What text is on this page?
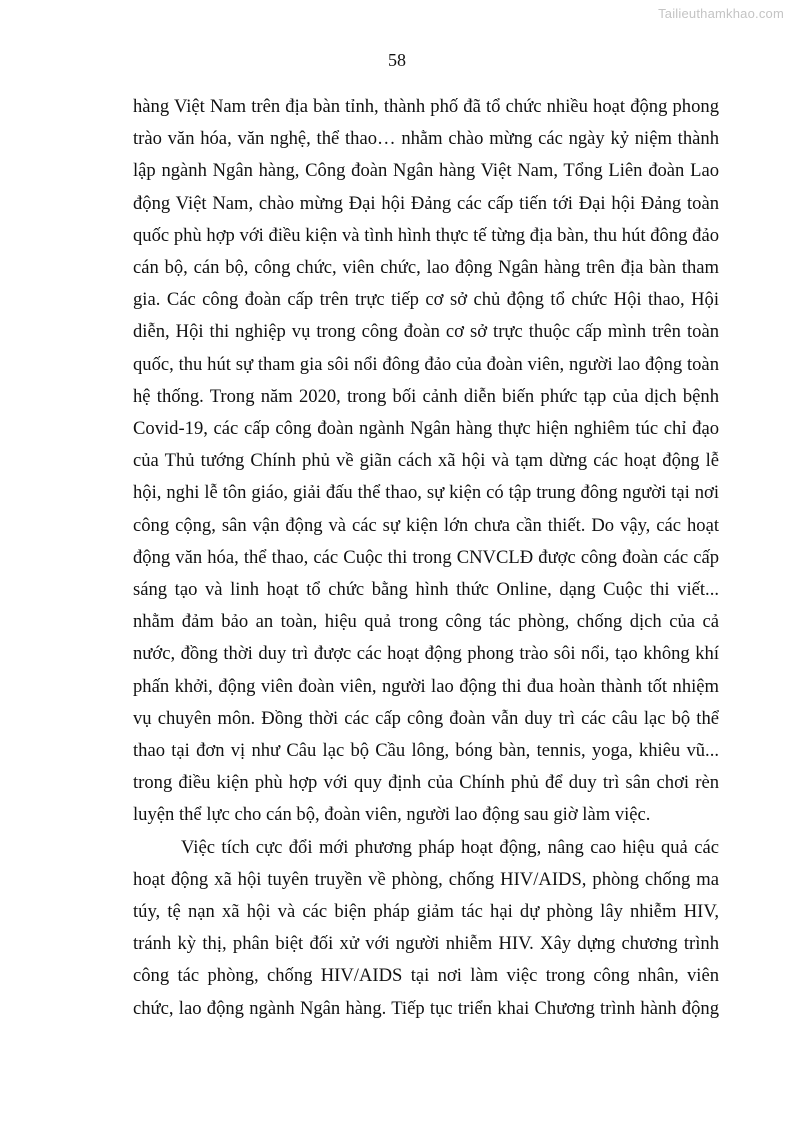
Tailieuthamkhao.com
58

hàng Việt Nam trên địa bàn tỉnh, thành phố đã tổ chức nhiều hoạt động phong trào văn hóa, văn nghệ, thể thao… nhằm chào mừng các ngày kỷ niệm thành lập ngành Ngân hàng, Công đoàn Ngân hàng Việt Nam, Tổng Liên đoàn Lao động Việt Nam, chào mừng Đại hội Đảng các cấp tiến tới Đại hội Đảng toàn quốc phù hợp với điều kiện và tình hình thực tế từng địa bàn, thu hút đông đảo cán bộ, cán bộ, công chức, viên chức, lao động Ngân hàng trên địa bàn tham gia. Các công đoàn cấp trên trực tiếp cơ sở chủ động tổ chức Hội thao, Hội diễn, Hội thi nghiệp vụ trong công đoàn cơ sở trực thuộc cấp mình trên toàn quốc, thu hút sự tham gia sôi nổi đông đảo của đoàn viên, người lao động toàn hệ thống. Trong năm 2020, trong bối cảnh diễn biến phức tạp của dịch bệnh Covid-19, các cấp công đoàn ngành Ngân hàng thực hiện nghiêm túc chỉ đạo của Thủ tướng Chính phủ về giãn cách xã hội và tạm dừng các hoạt động lễ hội, nghi lễ tôn giáo, giải đấu thể thao, sự kiện có tập trung đông người tại nơi công cộng, sân vận động và các sự kiện lớn chưa cần thiết. Do vậy, các hoạt động văn hóa, thể thao, các Cuộc thi trong CNVCLĐ được công đoàn các cấp sáng tạo và linh hoạt tổ chức bằng hình thức Online, dạng Cuộc thi viết... nhằm đảm bảo an toàn, hiệu quả trong công tác phòng, chống dịch của cả nước, đồng thời duy trì được các hoạt động phong trào sôi nổi, tạo không khí phấn khởi, động viên đoàn viên, người lao động thi đua hoàn thành tốt nhiệm vụ chuyên môn. Đồng thời các cấp công đoàn vẫn duy trì các câu lạc bộ thể thao tại đơn vị như Câu lạc bộ Cầu lông, bóng bàn, tennis, yoga, khiêu vũ... trong điều kiện phù hợp với quy định của Chính phủ để duy trì sân chơi rèn luyện thể lực cho cán bộ, đoàn viên, người lao động sau giờ làm việc.

Việc tích cực đổi mới phương pháp hoạt động, nâng cao hiệu quả các hoạt động xã hội tuyên truyền về phòng, chống HIV/AIDS, phòng chống ma túy, tệ nạn xã hội và các biện pháp giảm tác hại dự phòng lây nhiễm HIV, tránh kỳ thị, phân biệt đối xử với người nhiễm HIV. Xây dựng chương trình công tác phòng, chống HIV/AIDS tại nơi làm việc trong công nhân, viên chức, lao động ngành Ngân hàng. Tiếp tục triển khai Chương trình hành động
